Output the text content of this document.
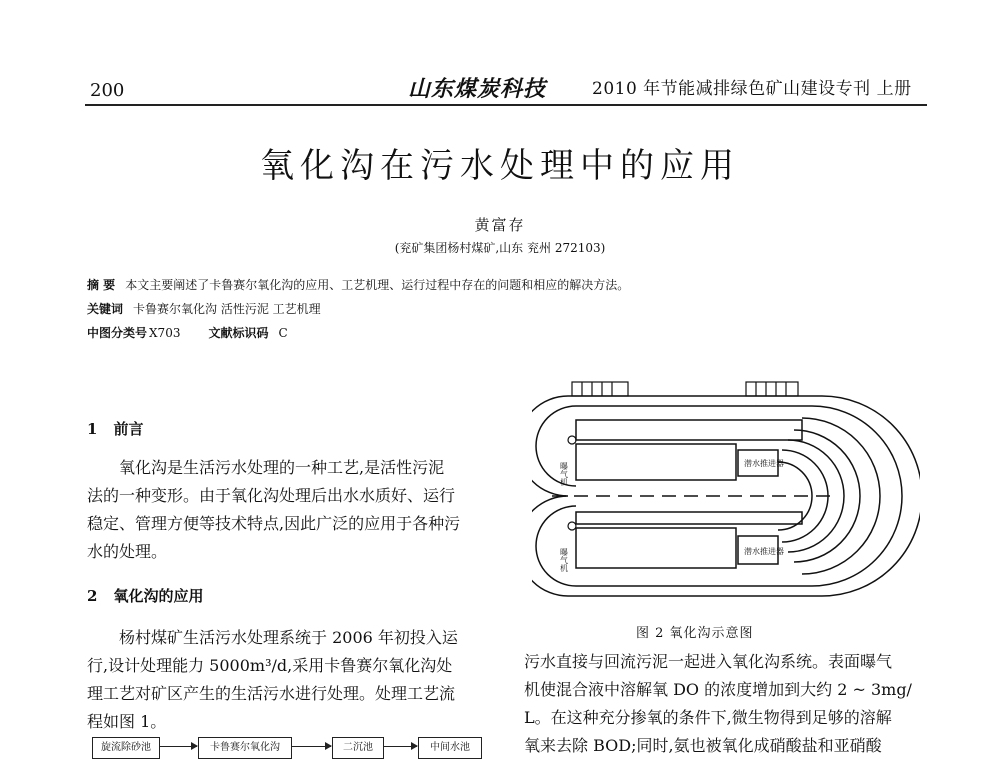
200	山东煤炭科技	2010 年节能减排绿色矿山建设专刊 上册
氧化沟在污水处理中的应用
黄富存
(兖矿集团杨村煤矿,山东 兖州 272103)
摘 要 本文主要阐述了卡鲁赛尔氧化沟的应用、工艺机理、运行过程中存在的问题和相应的解决方法。
关键词 卡鲁赛尔氧化沟 活性污泥 工艺机理
中图分类号 X703 文献标识码 C
1 前言
氧化沟是生活污水处理的一种工艺,是活性污泥
法的一种变形。由于氧化沟处理后出水水质好、运行
稳定、管理方便等技术特点,因此广泛的应用于各种污
水的处理。
2 氧化沟的应用
杨村煤矿生活污水处理系统于 2006 年初投入运
行,设计处理能力 5000m³/d,采用卡鲁赛尔氧化沟处
理工艺对矿区产生的生活污水进行处理。处理工艺流
程如图 1。
旋流除砂池	卡鲁赛尔氧化沟	二沉池	中间水池
曝气机
曝气机
潜水推进器
潜水推进器
图 2 氧化沟示意图
污水直接与回流污泥一起进入氧化沟系统。表面曝气
机使混合液中溶解氧 DO 的浓度增加到大约 2 ~ 3mg/
L。在这种充分掺氧的条件下,微生物得到足够的溶解
氧来去除 BOD;同时,氨也被氧化成硝酸盐和亚硝酸
